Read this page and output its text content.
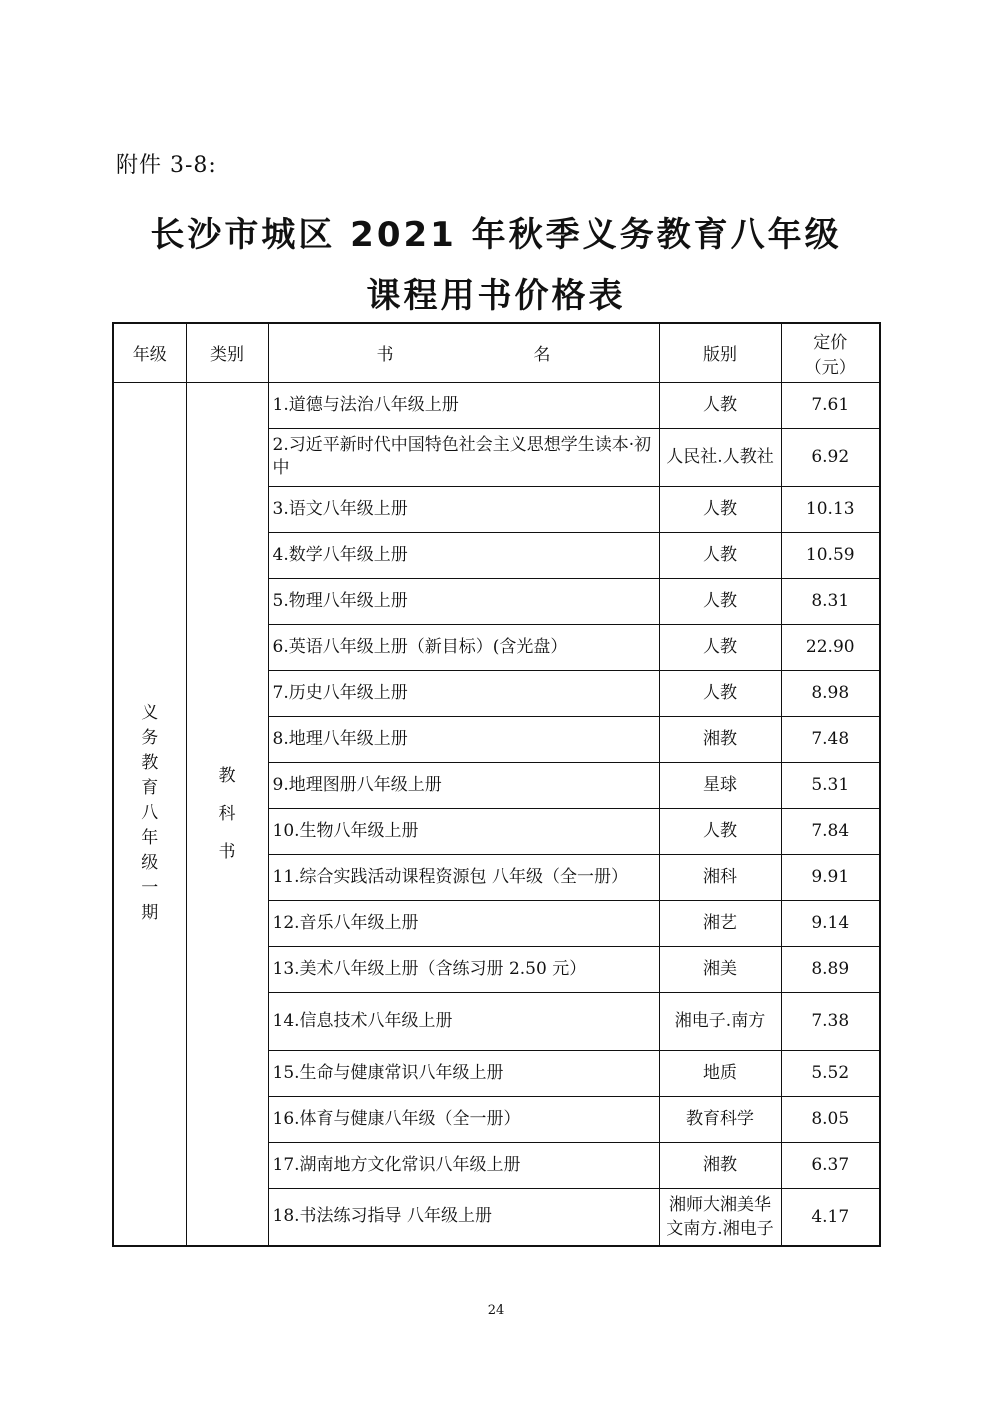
附件 3-8:
长沙市城区 2021 年秋季义务教育八年级
课程用书价格表
年级	类别	书 名	版别	定价
（元）

义务教育八年级一期	教科书	1.道德与法治八年级上册	人教	7.61
		2.习近平新时代中国特色社会主义思想学生读本·初中	人民社.人教社	6.92
		3.语文八年级上册	人教	10.13
		4.数学八年级上册	人教	10.59
		5.物理八年级上册	人教	8.31
		6.英语八年级上册（新目标）(含光盘）	人教	22.90
		7.历史八年级上册	人教	8.98
		8.地理八年级上册	湘教	7.48
		9.地理图册八年级上册	星球	5.31
		10.生物八年级上册	人教	7.84
		11.综合实践活动课程资源包 八年级（全一册）	湘科	9.91
		12.音乐八年级上册	湘艺	9.14
		13.美术八年级上册（含练习册 2.50 元）	湘美	8.89
		14.信息技术八年级上册	湘电子.南方	7.38
		15.生命与健康常识八年级上册	地质	5.52
		16.体育与健康八年级（全一册）	教育科学	8.05
		17.湖南地方文化常识八年级上册	湘教	6.37
		18.书法练习指导 八年级上册	湘师大湘美华文南方.湘电子	4.17
24
